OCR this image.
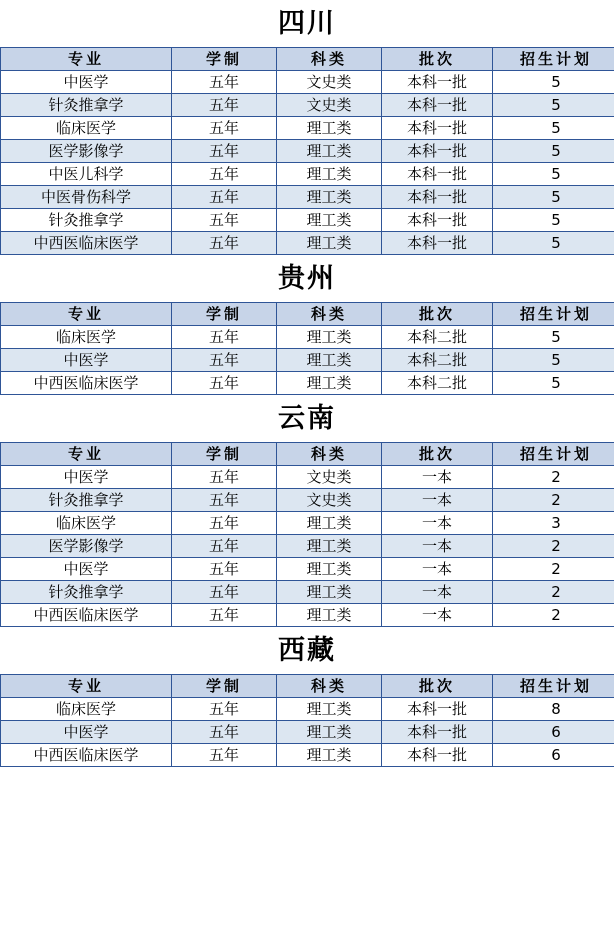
四川
专业	学制	科类	批次	招生计划
中医学	五年	文史类	本科一批	5
针灸推拿学	五年	文史类	本科一批	5
临床医学	五年	理工类	本科一批	5
医学影像学	五年	理工类	本科一批	5
中医儿科学	五年	理工类	本科一批	5
中医骨伤科学	五年	理工类	本科一批	5
针灸推拿学	五年	理工类	本科一批	5
中西医临床医学	五年	理工类	本科一批	5
贵州
专业	学制	科类	批次	招生计划
临床医学	五年	理工类	本科二批	5
中医学	五年	理工类	本科二批	5
中西医临床医学	五年	理工类	本科二批	5
云南
专业	学制	科类	批次	招生计划
中医学	五年	文史类	一本	2
针灸推拿学	五年	文史类	一本	2
临床医学	五年	理工类	一本	3
医学影像学	五年	理工类	一本	2
中医学	五年	理工类	一本	2
针灸推拿学	五年	理工类	一本	2
中西医临床医学	五年	理工类	一本	2
西藏
专业	学制	科类	批次	招生计划
临床医学	五年	理工类	本科一批	8
中医学	五年	理工类	本科一批	6
中西医临床医学	五年	理工类	本科一批	6
